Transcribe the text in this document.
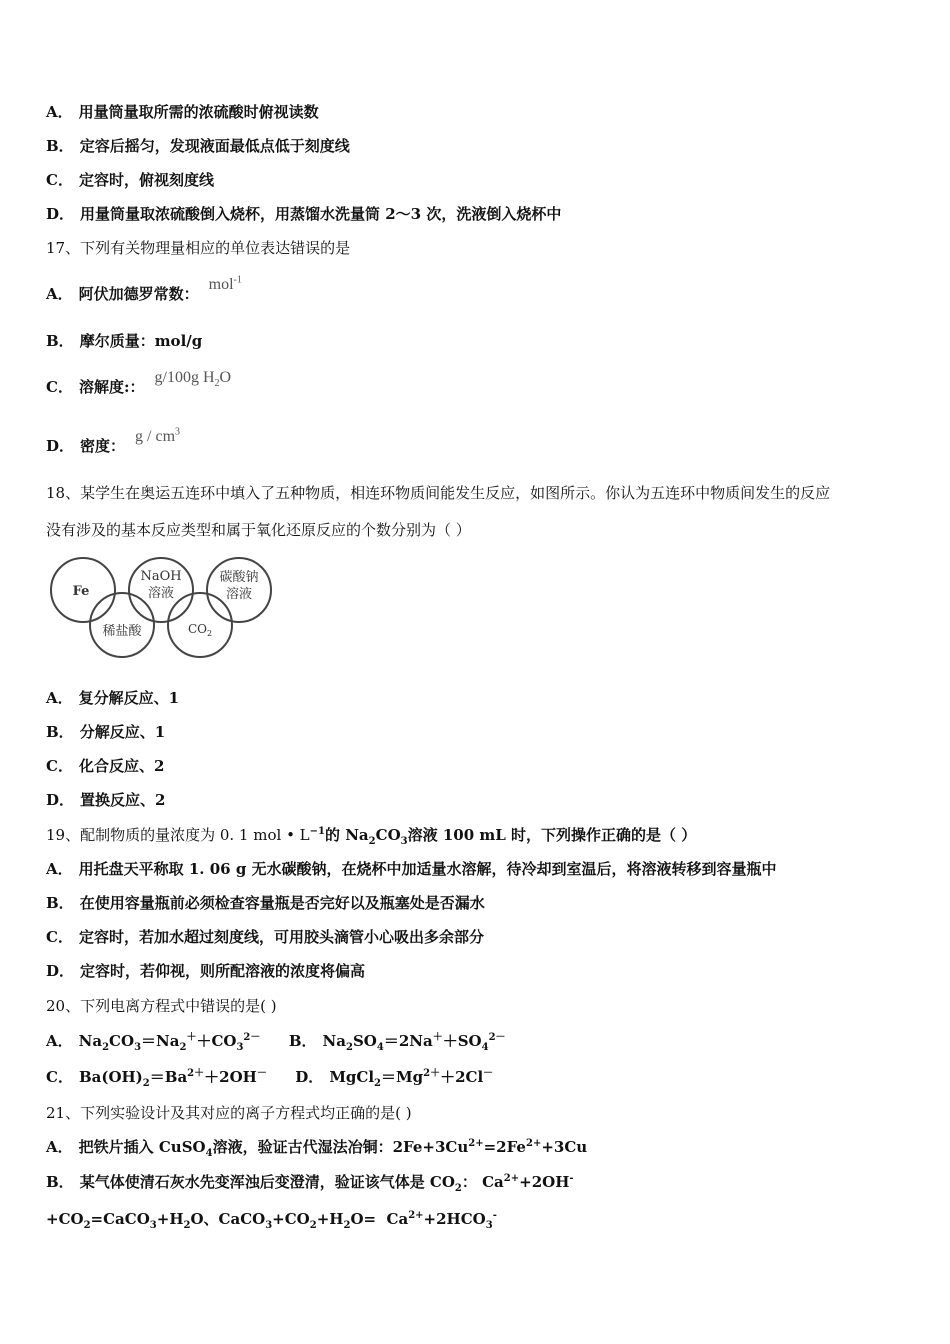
A． 用量筒量取所需的浓硫酸时俯视读数
B． 定容后摇匀，发现液面最低点低于刻度线
C． 定容时，俯视刻度线
D． 用量筒量取浓硫酸倒入烧杯，用蒸馏水洗量筒 2～3 次，洗液倒入烧杯中
17、下列有关物理量相应的单位表达错误的是
A． 阿伏加德罗常数：mol$^{-1}$
B． 摩尔质量：mol/g
C． 溶解度:：g/100g $H_2O$
D． 密度：g / $cm^3$
18、某学生在奥运五连环中填入了五种物质，相连环物质间能发生反应，如图所示。你认为五连环中物质间发生的反应
没有涉及的基本反应类型和属于氧化还原反应的个数分别为（ ）
Fe
NaOH
溶液
碳酸钠
溶液
稀盐酸	$CO_2$
A． 复分解反应、1
B． 分解反应、1
C． 化合反应、2
D． 置换反应、2
19、配制物质的量浓度为 0. 1 mol • $L^{-1}$的 $Na_2CO_3$溶液 100 mL 时，下列操作正确的是（ ）
A． 用托盘天平称取 1. 06 g 无水碳酸钠，在烧杯中加适量水溶解，待冷却到室温后，将溶液转移到容量瓶中
B． 在使用容量瓶前必须检查容量瓶是否完好以及瓶塞处是否漏水
C． 定容时，若加水超过刻度线，可用胶头滴管小心吸出多余部分
D． 定容时，若仰视，则所配溶液的浓度将偏高
20、下列电离方程式中错误的是( )
A． $Na_2CO_3=Na_2^++CO_3^{2-}$ B． $Na_2SO_4=2Na^++SO_4^{2-}$
C． $Ba(OH)_2=Ba^{2+}+2OH^-$ D． $MgCl_2=Mg^{2+}+2Cl^-$
21、下列实验设计及其对应的离子方程式均正确的是( )
A． 把铁片插入 CuSO$_4$溶液，验证古代湿法冶铜：$2Fe+3Cu^{2+}=2Fe^{2+}+3Cu$
B． 某气体使清石灰水先变浑浊后变澄清，验证该气体是 $CO_2$： $Ca^{2+}+2OH^-$
$+CO_2=CaCO_3+H_2O$、$CaCO_3+CO_2+H_2O= Ca^{2+}+2HCO_3^-$
